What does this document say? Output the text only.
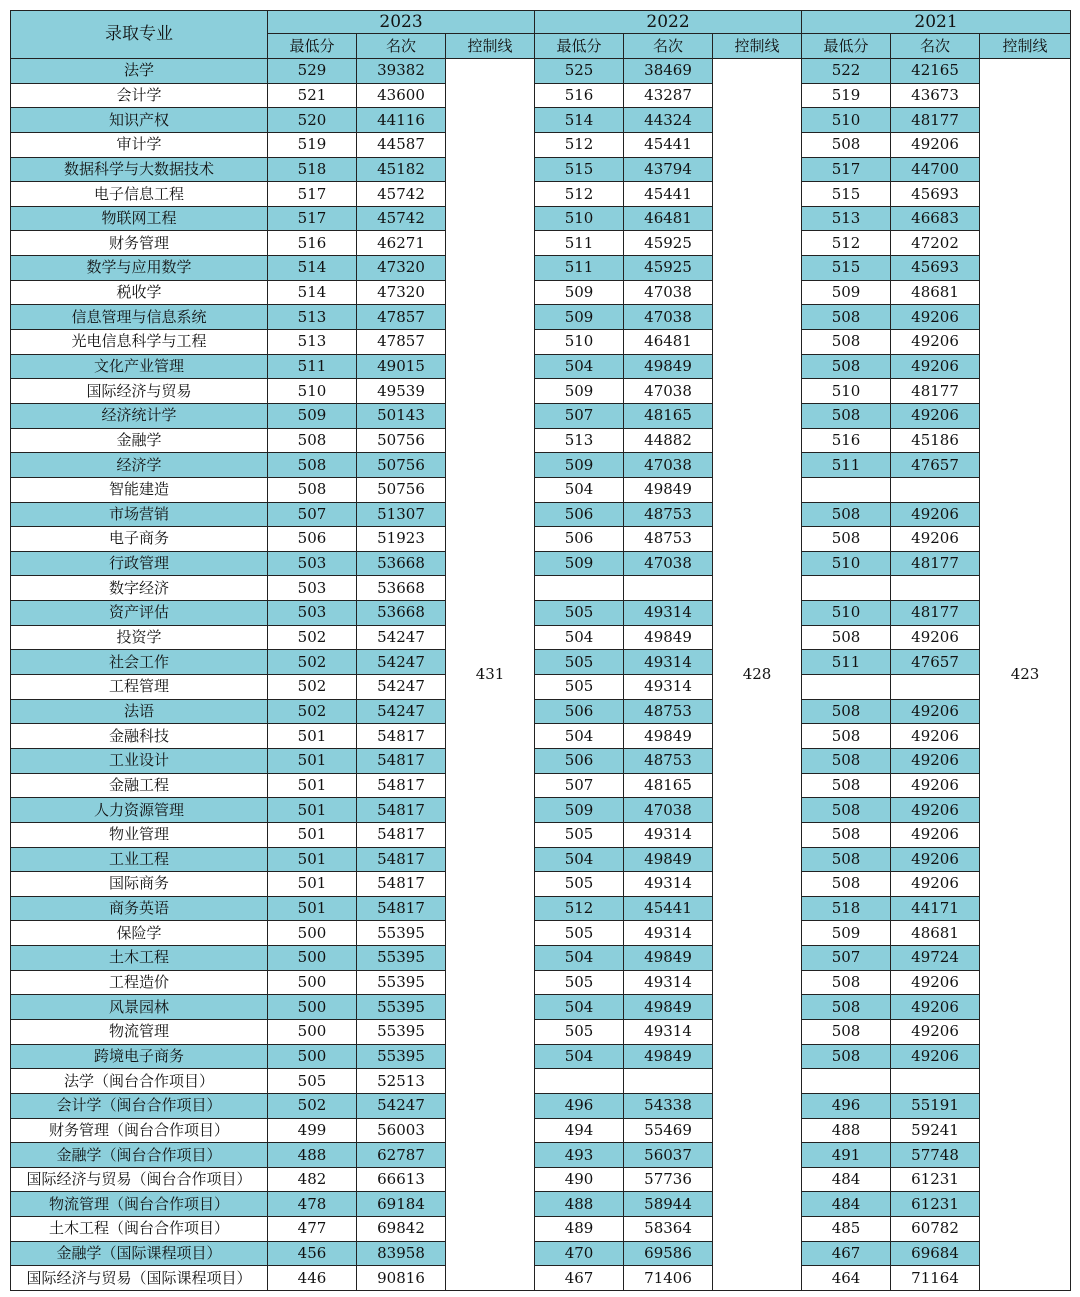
录取专业	2023			2022			2021		
	最低分	名次	控制线	最低分	名次	控制线	最低分	名次	控制线
法学	529	39382	431		525	38469	428		522	42165	423
会计学	521	43600		516	43287		519	43673	
知识产权	520	44116		514	44324		510	48177	
审计学	519	44587		512	45441		508	49206	
数据科学与大数据技术	518	45182		515	43794		517	44700	
电子信息工程	517	45742		512	45441		515	45693	
物联网工程	517	45742		510	46481		513	46683	
财务管理	516	46271		511	45925		512	47202	
数学与应用数学	514	47320		511	45925		515	45693	
税收学	514	47320		509	47038		509	48681	
信息管理与信息系统	513	47857		509	47038		508	49206	
光电信息科学与工程	513	47857		510	46481		508	49206	
文化产业管理	511	49015		504	49849		508	49206	
国际经济与贸易	510	49539		509	47038		510	48177	
经济统计学	509	50143		507	48165		508	49206	
金融学	508	50756		513	44882		516	45186	
经济学	508	50756		509	47038		511	47657	
智能建造	508	50756		504	49849				
市场营销	507	51307		506	48753		508	49206	
电子商务	506	51923		506	48753		508	49206	
行政管理	503	53668		509	47038		510	48177	
数字经济	503	53668							
资产评估	503	53668		505	49314		510	48177	
投资学	502	54247		504	49849		508	49206	
社会工作	502	54247		505	49314		511	47657	
工程管理	502	54247		505	49314				
法语	502	54247		506	48753		508	49206	
金融科技	501	54817		504	49849		508	49206	
工业设计	501	54817		506	48753		508	49206	
金融工程	501	54817		507	48165		508	49206	
人力资源管理	501	54817		509	47038		508	49206	
物业管理	501	54817		505	49314		508	49206	
工业工程	501	54817		504	49849		508	49206	
国际商务	501	54817		505	49314		508	49206	
商务英语	501	54817		512	45441		518	44171	
保险学	500	55395		505	49314		509	48681	
土木工程	500	55395		504	49849		507	49724	
工程造价	500	55395		505	49314		508	49206	
风景园林	500	55395		504	49849		508	49206	
物流管理	500	55395		505	49314		508	49206	
跨境电子商务	500	55395		504	49849		508	49206	
法学（闽台合作项目）	505	52513							
会计学（闽台合作项目）	502	54247		496	54338		496	55191	
财务管理（闽台合作项目）	499	56003		494	55469		488	59241	
金融学（闽台合作项目）	488	62787		493	56037		491	57748	
国际经济与贸易（闽台合作项目）	482	66613		490	57736		484	61231	
物流管理（闽台合作项目）	478	69184		488	58944		484	61231	
土木工程（闽台合作项目）	477	69842		489	58364		485	60782	
金融学（国际课程项目）	456	83958		470	69586		467	69684	
国际经济与贸易（国际课程项目）	446	90816		467	71406		464	71164	
